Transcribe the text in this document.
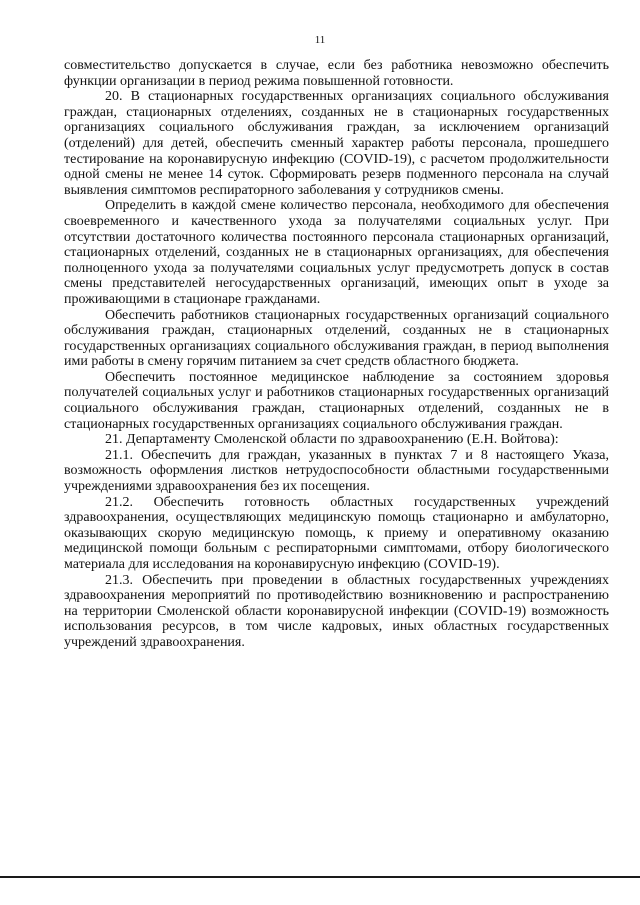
11

совместительство допускается в случае, если без работника невозможно обеспечить функции организации в период режима повышенной готовности.

20. В стационарных государственных организациях социального обслуживания граждан, стационарных отделениях, созданных не в стационарных государственных организациях социального обслуживания граждан, за исключением организаций (отделений) для детей, обеспечить сменный характер работы персонала, прошедшего тестирование на коронавирусную инфекцию (COVID-19), с расчетом продолжительности одной смены не менее 14 суток. Сформировать резерв подменного персонала на случай выявления симптомов респираторного заболевания у сотрудников смены.

Определить в каждой смене количество персонала, необходимого для обеспечения своевременного и качественного ухода за получателями социальных услуг. При отсутствии достаточного количества постоянного персонала стационарных организаций, стационарных отделений, созданных не в стационарных организациях, для обеспечения полноценного ухода за получателями социальных услуг предусмотреть допуск в состав смены представителей негосударственных организаций, имеющих опыт в уходе за проживающими в стационаре гражданами.

Обеспечить работников стационарных государственных организаций социального обслуживания граждан, стационарных отделений, созданных не в стационарных государственных организациях социального обслуживания граждан, в период выполнения ими работы в смену горячим питанием за счет средств областного бюджета.

Обеспечить постоянное медицинское наблюдение за состоянием здоровья получателей социальных услуг и работников стационарных государственных организаций социального обслуживания граждан, стационарных отделений, созданных не в стационарных государственных организациях социального обслуживания граждан.

21. Департаменту Смоленской области по здравоохранению (Е.Н. Войтова):

21.1. Обеспечить для граждан, указанных в пунктах 7 и 8 настоящего Указа, возможность оформления листков нетрудоспособности областными государственными учреждениями здравоохранения без их посещения.

21.2. Обеспечить готовность областных государственных учреждений здравоохранения, осуществляющих медицинскую помощь стационарно и амбулаторно, оказывающих скорую медицинскую помощь, к приему и оперативному оказанию медицинской помощи больным с респираторными симптомами, отбору биологического материала для исследования на коронавирусную инфекцию (COVID-19).

21.3. Обеспечить при проведении в областных государственных учреждениях здравоохранения мероприятий по противодействию возникновению и распространению на территории Смоленской области коронавирусной инфекции (COVID-19) возможность использования ресурсов, в том числе кадровых, иных областных государственных учреждений здравоохранения.
